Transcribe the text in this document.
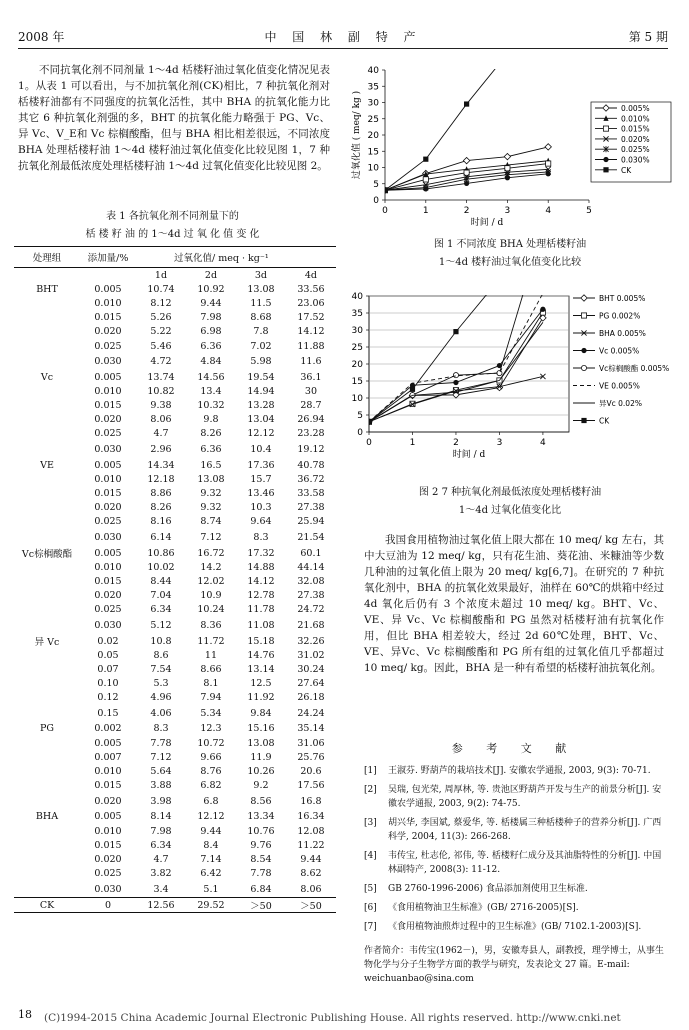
2008 年	中 国 林 副 特 产	第 5 期

不同抗氧化剂不同剂量 1～4d 栝楼籽油过氧化值变化情况见表 1。从表 1 可以看出，与不加抗氧化剂(CK)相比，7 种抗氧化剂对栝楼籽油都有不同强度的抗氧化活性，其中 BHA 的抗氧化能力比其它 6 种抗氧化剂强的多，BHT 的抗氧化能力略强于 PG、Vc、异 Vc、V_E和 Vc 棕榈酸酯，但与 BHA 相比相差很远，不同浓度 BHA 处理栝楼籽油 1～4d 楼籽油过氧化值变化比较见图 1，7 种抗氧化剂最低浓度处理栝楼籽油 1～4d 过氧化值变化比较见图 2。

表 1 各抗氧化剂不同剂量下的
栝 楼 籽 油 的 1～4d 过 氧 化 值 变 化
处理组	添加量/%	过氧化值/ meq · kg⁻¹				
		1d	2d	3d	4d	
BHT	0.005	10.74	10.92	13.08	33.56	
	0.010	8.12	9.44	11.5	23.06	
	0.015	5.26	7.98	8.68	17.52	
	0.020	5.22	6.98	7.8	14.12	
	0.025	5.46	6.36	7.02	11.88	
	0.030	4.72	4.84	5.98	11.6	
Vc	0.005	13.74	14.56	19.54	36.1	
	0.010	10.82	13.4	14.94	30	
	0.015	9.38	10.32	13.28	28.7	
	0.020	8.06	9.8	13.04	26.94	
	0.025	4.7	8.26	12.12	23.28	
	0.030	2.96	6.36	10.4	19.12	
VE	0.005	14.34	16.5	17.36	40.78	
	0.010	12.18	13.08	15.7	36.72	
	0.015	8.86	9.32	13.46	33.58	
	0.020	8.26	9.32	10.3	27.38	
	0.025	8.16	8.74	9.64	25.94	
	0.030	6.14	7.12	8.3	21.54	
Vc棕榈酸酯	0.005	10.86	16.72	17.32	60.1	
	0.010	10.02	14.2	14.88	44.14	
	0.015	8.44	12.02	14.12	32.08	
	0.020	7.04	10.9	12.78	27.38	
	0.025	6.34	10.24	11.78	24.72	
	0.030	5.12	8.36	11.08	21.68	
异 Vc	0.02	10.8	11.72	15.18	32.26	
	0.05	8.6	11	14.76	31.02	
	0.07	7.54	8.66	13.14	30.24	
	0.10	5.3	8.1	12.5	27.64	
	0.12	4.96	7.94	11.92	26.18	
	0.15	4.06	5.34	9.84	24.24	
PG	0.002	8.3	12.3	15.16	35.14	
	0.005	7.78	10.72	13.08	31.06	
	0.007	7.12	9.66	11.9	25.76	
	0.010	5.64	8.76	10.26	20.6	
	0.015	3.88	6.82	9.2	17.56	
	0.020	3.98	6.8	8.56	16.8	
BHA	0.005	8.14	12.12	13.34	16.34	
	0.010	7.98	9.44	10.76	12.08	
	0.015	6.34	8.4	9.76	11.22	
	0.020	4.7	7.14	8.54	9.44	
	0.025	3.82	6.42	7.78	8.62	
	0.030	3.4	5.1	6.84	8.06	
CK	0	12.56	29.52	＞50	＞50	
0
5
10
15
20
25
30
35
40
0	1	2	3	4	5
时间 / d
过氧化值 ( meq/ kg )	0.005%
0.010%
0.015%
0.020%
0.025%
0.030%
CK
图 1 不同浓度 BHA 处理栝楼籽油
1～4d 楼籽油过氧化值变化比较
0
5
10
15
20
25
30
35
40
0	1	2	3	4
时间 / d
BHT 0.005%
PG 0.002%
BHA 0.005%
Vc 0.005%
Vc棕榈酸酯 0.005%
VE 0.005%
异Vc 0.02%
CK
图 2 7 种抗氧化剂最低浓度处理栝楼籽油
1～4d 过氧化值变化比

我国食用植物油过氧化值上限大都在 10 meq/ kg 左右，其中大豆油为 12 meq/ kg，只有花生油、葵花油、米糠油等少数几种油的过氧化值上限为 20 meq/ kg[6,7]。在研究的 7 种抗氧化剂中，BHA 的抗氧化效果最好，油样在 60℃的烘箱中经过 4d 氧化后仍有 3 个浓度未超过 10 meq/ kg。BHT、Vc、VE、异 Vc、Vc 棕榈酸酯和 PG 虽然对栝楼籽油有抗氧化作用，但比 BHA 相差较大，经过 2d 60℃处理，BHT、Vc、VE、异Vc、Vc 棕榈酸酯和 PG 所有组的过氧化值几乎都超过 10 meq/ kg。因此，BHA 是一种有希望的栝楼籽油抗氧化剂。

参 考 文 献
[1]	王淑芬. 野葫芦的栽培技术[J]. 安徽农学通报, 2003, 9(3): 70-71.
[2]	吴瑞, 包光荣, 周厚林, 等. 贵池区野葫芦开发与生产的前景分析[J]. 安徽农学通报, 2003, 9(2): 74-75.
[3]	胡兴华, 李国斌, 蔡爱华, 等. 栝楼属三种栝楼种子的营养分析[J]. 广西科学, 2004, 11(3): 266-268.
[4]	韦传宝, 杜志伦, 祁伟, 等. 栝楼籽仁成分及其油脂特性的分析[J]. 中国林副特产, 2008(3): 11-12.
[5]	GB 2760-1996-2006) 食品添加剂使用卫生标准.
[6]	《食用植物油卫生标准》(GB/ 2716-2005)[S].
[7]	《食用植物油煎炸过程中的卫生标准》(GB/ 7102.1-2003)[S].
作者简介：韦传宝(1962－)，男，安徽寿县人，副教授，理学博士，从事生物化学与分子生物学方面的教学与研究，发表论文 27 篇。E-mail: weichuanbao@sina.com
18 (C)1994-2015 China Academic Journal Electronic Publishing House. All rights reserved. http://www.cnki.net
